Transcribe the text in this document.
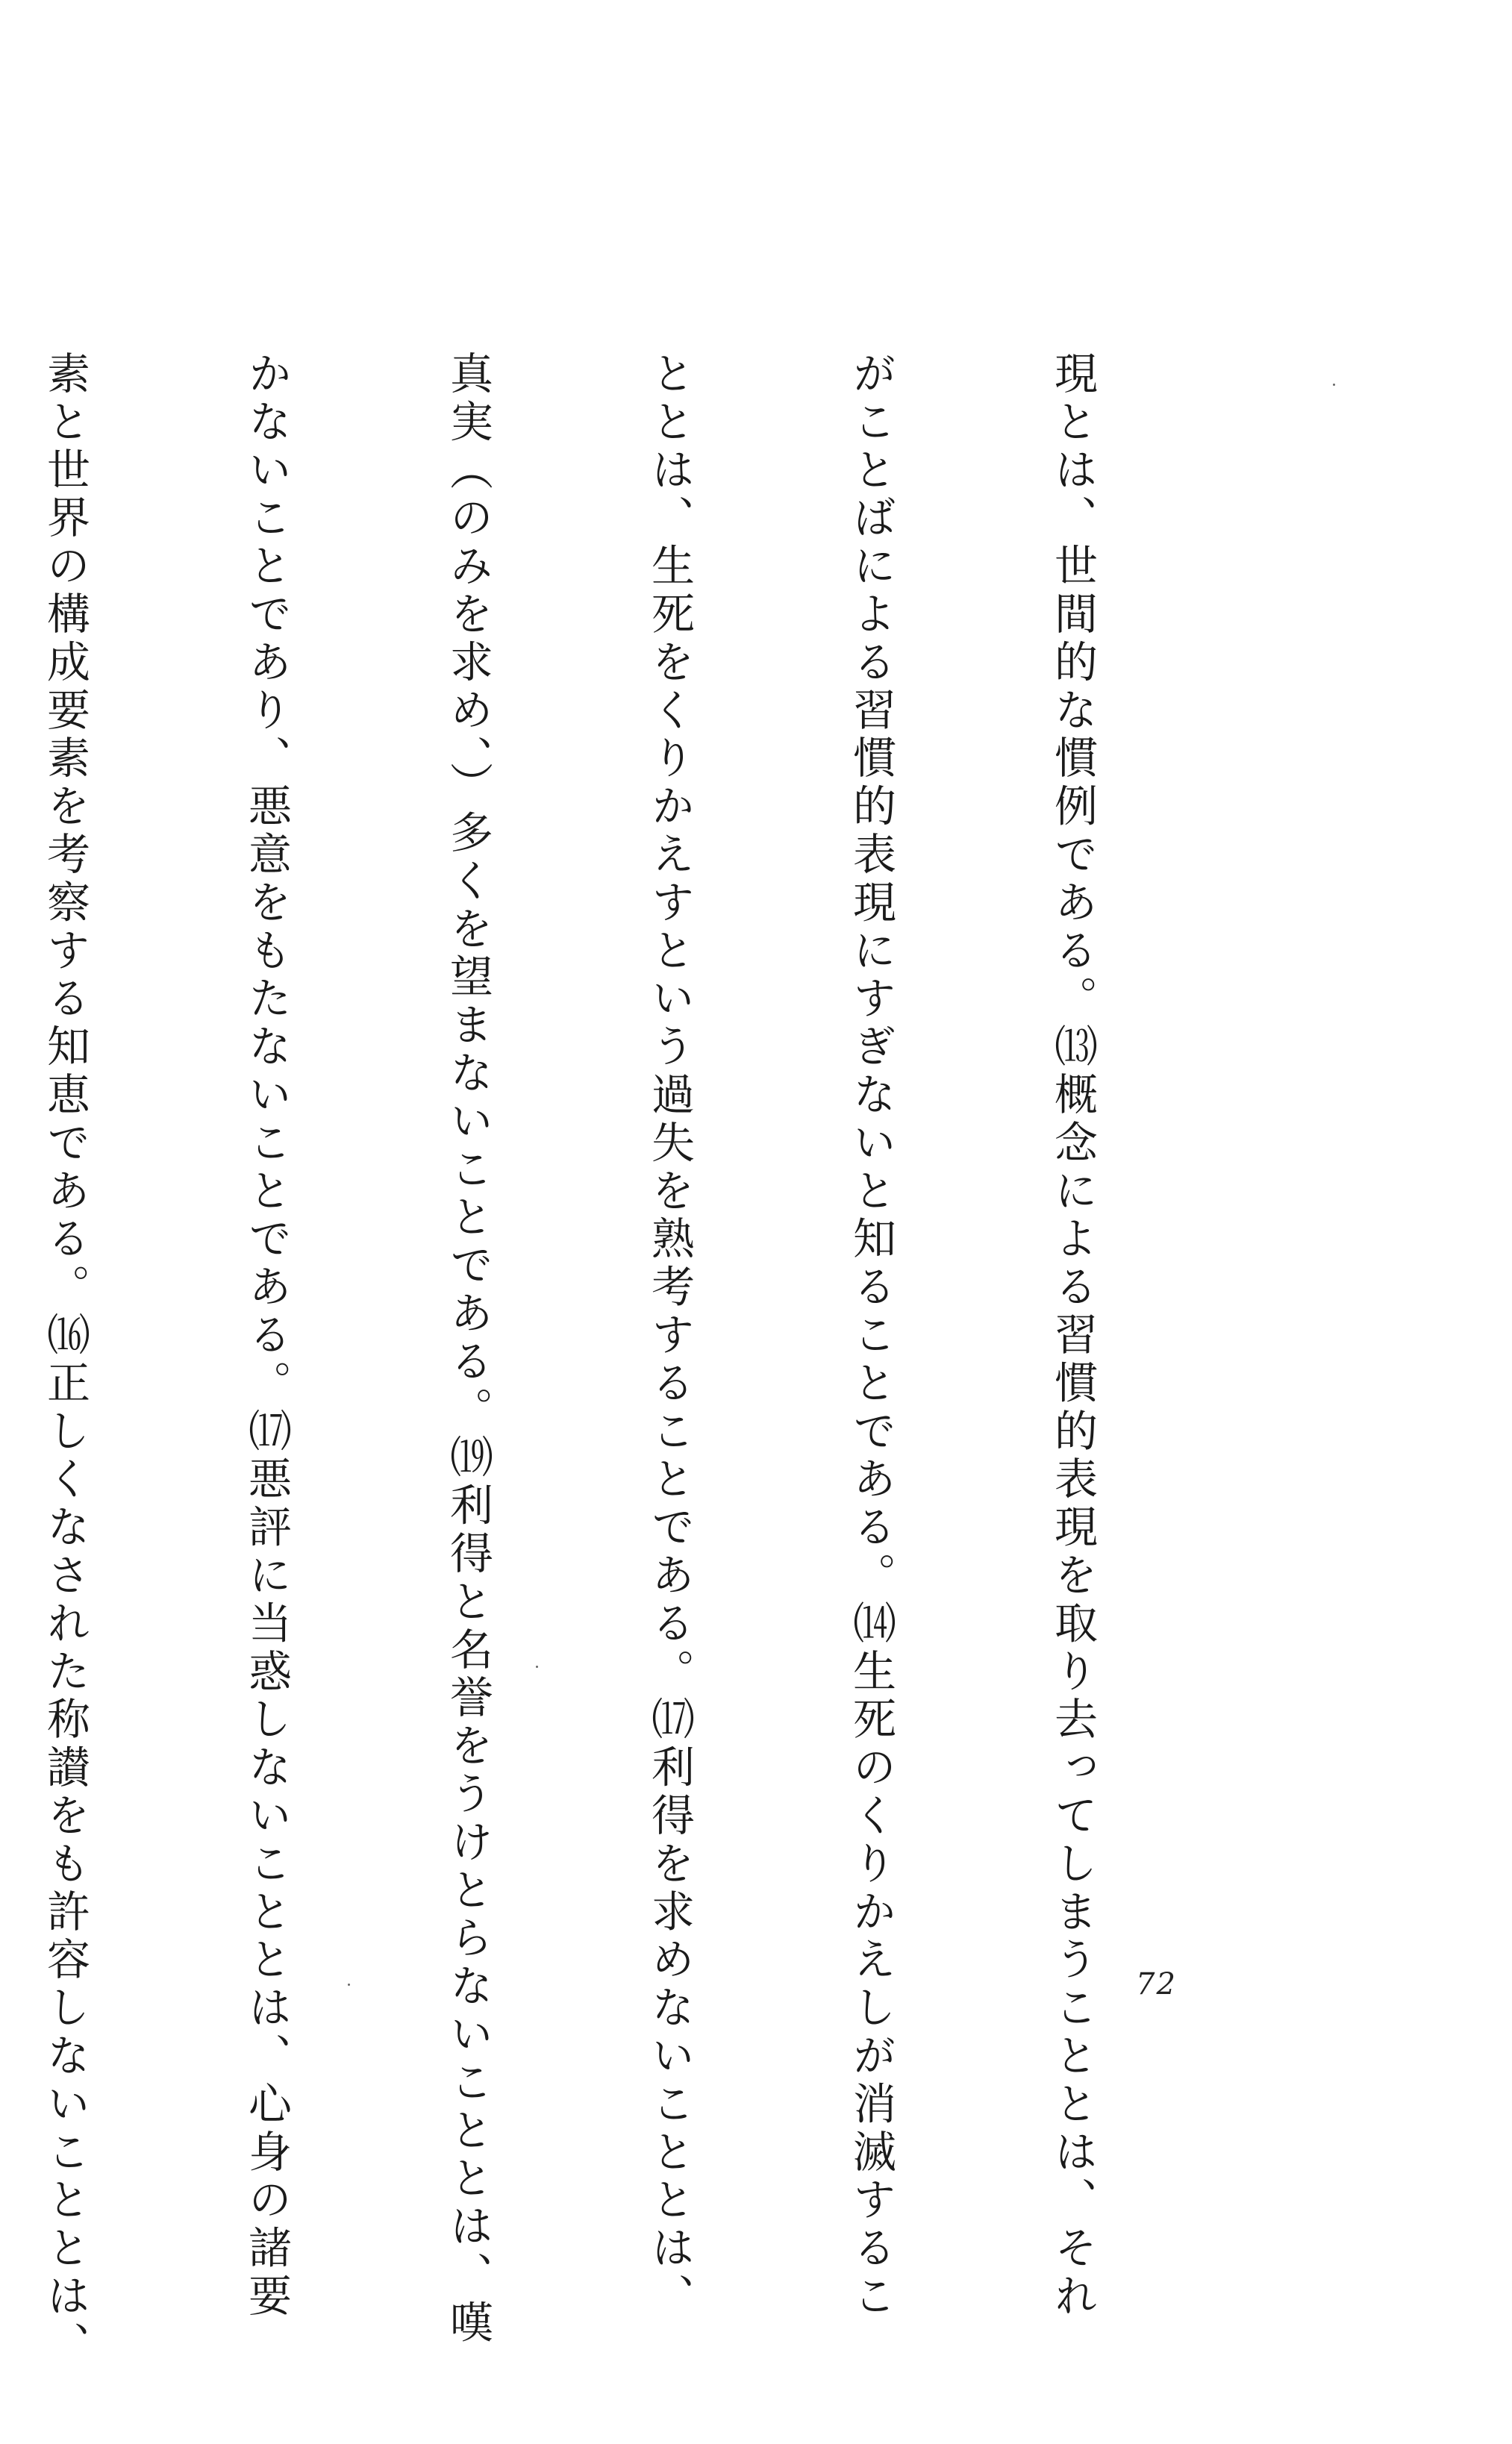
現とは、世間的な慣例である。⒀概念による習慣的表現を取り去ってしまうこととは、それ

がことばによる習慣的表現にすぎないと知ることである。⒁生死のくりかえしが消滅するこ

ととは、生死をくりかえすという過失を熟考することである。⒄利得を求めないこととは、

真実（のみを求め、）多くを望まないことである。⒆利得と名誉をうけとらないこととは、嘆

かないことであり、悪意をもたないことである。⒄悪評に当惑しないこととは、心身の諸要

素と世界の構成要素を考察する知恵である。⒃正しくなされた称讃をも許容しないこととは、

	72
